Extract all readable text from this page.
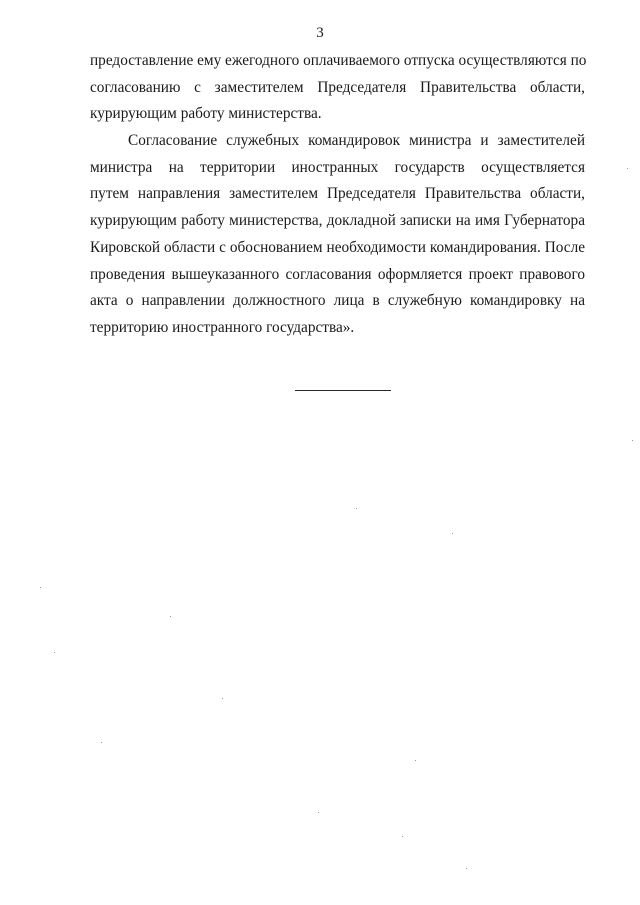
3
предоставление ему ежегодного оплачиваемого отпуска осуществляются по
согласованию с заместителем Председателя Правительства области,
курирующим работу министерства.
Согласование служебных командировок министра и заместителей
министра на территории иностранных государств осуществляется
путем направления заместителем Председателя Правительства области,
курирующим работу министерства, докладной записки на имя Губернатора
Кировской области с обоснованием необходимости командирования. После
проведения вышеуказанного согласования оформляется проект правового
акта о направлении должностного лица в служебную командировку на
территорию иностранного государства».
